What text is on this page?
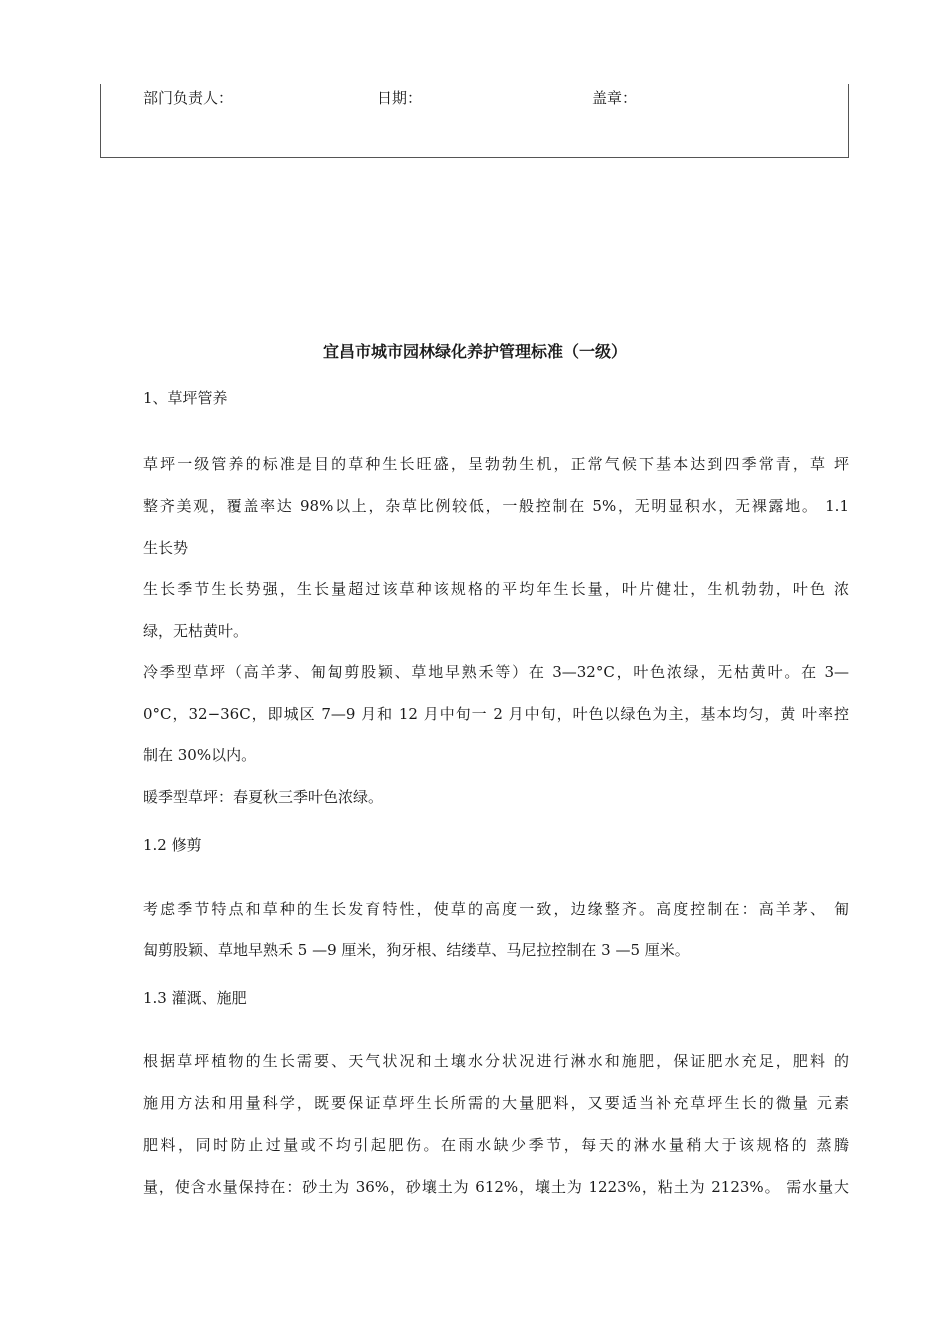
部门负责人：	日期：	盖章：
宜昌市城市园林绿化养护管理标准（一级）
1、草坪管养
草坪一级管养的标准是目的草种生长旺盛，呈勃勃生机，正常气候下基本达到四季常青，草 坪
整齐美观，覆盖率达 98%以上，杂草比例较低，一般控制在 5%，无明显积水，无裸露地。 1.1
生长势
生长季节生长势强，生长量超过该草种该规格的平均年生长量，叶片健壮，生机勃勃，叶色 浓
绿，无枯黄叶。
冷季型草坪（高羊茅、匍匐剪股颖、草地早熟禾等）在 3—32°C，叶色浓绿，无枯黄叶。在 3—
0°C，32−36C，即城区 7—9 月和 12 月中旬一 2 月中旬，叶色以绿色为主，基本均匀，黄 叶率控
制在 30%以内。
暖季型草坪：春夏秋三季叶色浓绿。
1.2 修剪
考虑季节特点和草种的生长发育特性，使草的高度一致，边缘整齐。高度控制在：高羊茅、 匍
匐剪股颖、草地早熟禾 5 —9 厘米，狗牙根、结缕草、马尼拉控制在 3 —5 厘米。
1.3 灌溉、施肥
根据草坪植物的生长需要、天气状况和土壤水分状况进行淋水和施肥，保证肥水充足，肥料 的
施用方法和用量科学，既要保证草坪生长所需的大量肥料，又要适当补充草坪生长的微量 元素
肥料，同时防止过量或不均引起肥伤。在雨水缺少季节，每天的淋水量稍大于该规格的 蒸腾
量，使含水量保持在：砂土为 36%，砂壤土为 612%，壤土为 1223%，粘土为 2123%。 需水量大
